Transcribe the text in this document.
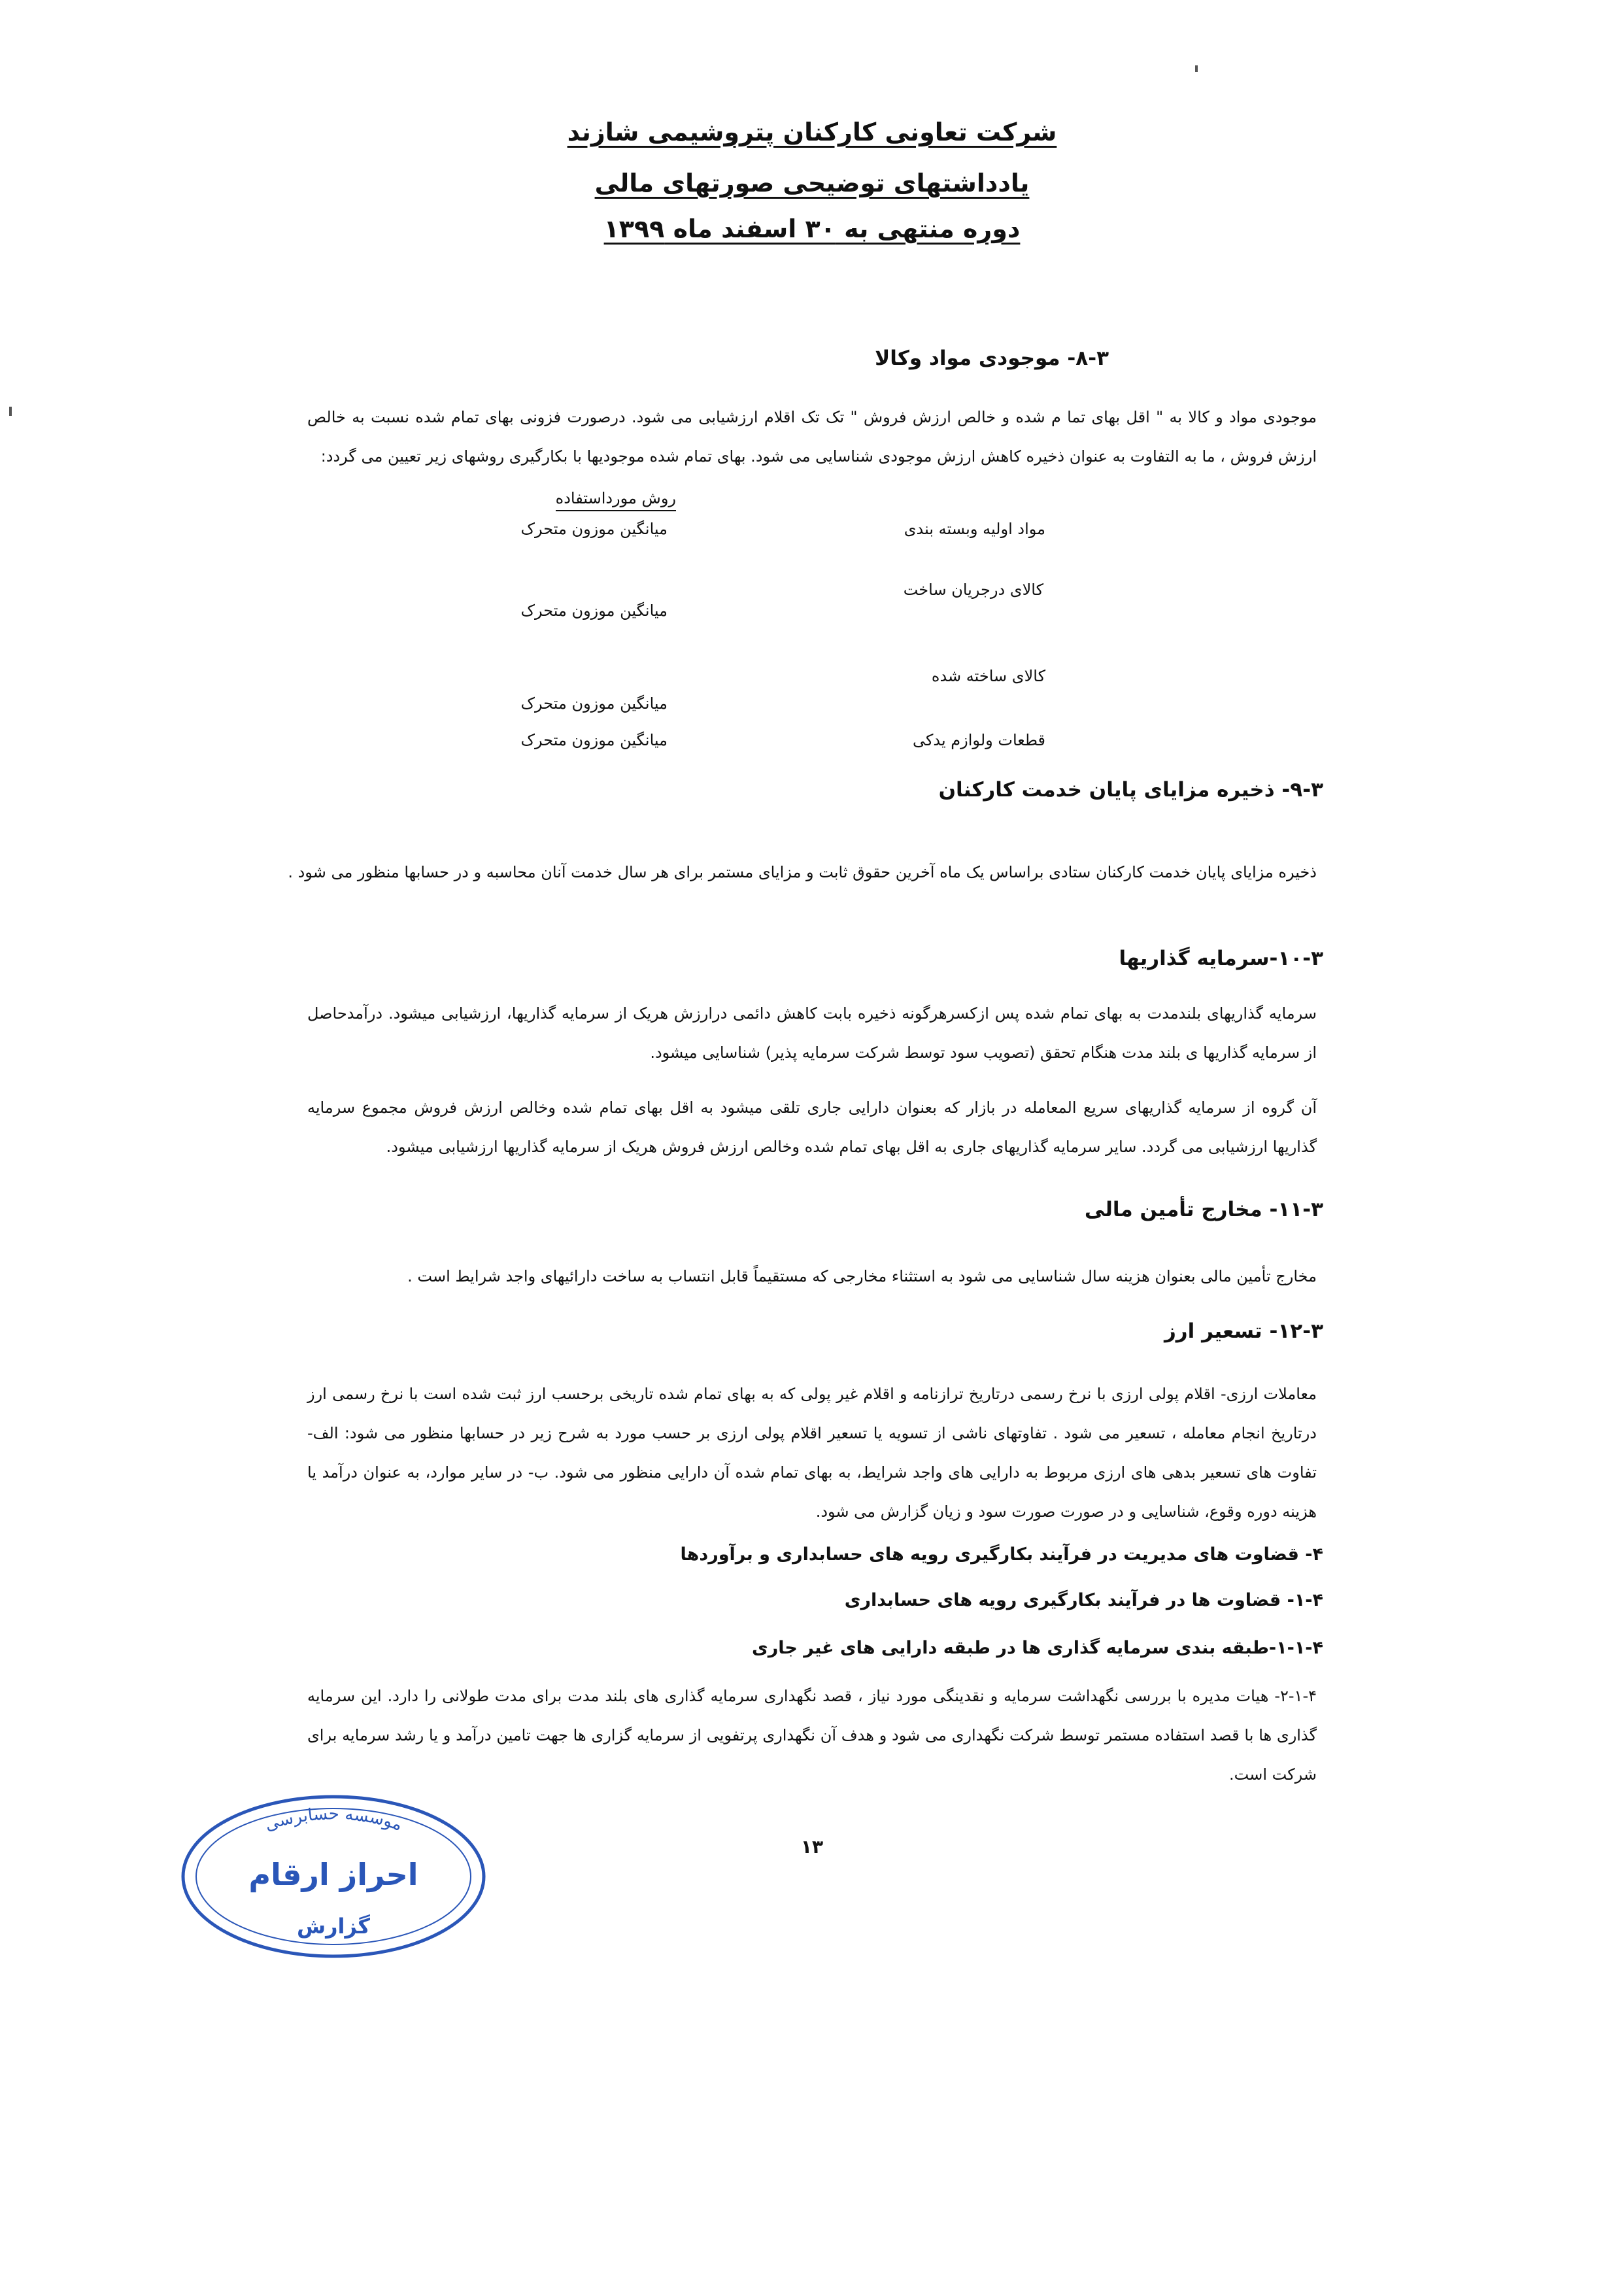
شرکت تعاونی کارکنان پتروشیمی شازند
یادداشتهای توضیحی صورتهای مالی
دوره منتهی به ۳۰ اسفند ماه ۱۳۹۹
۸-۳- موجودی مواد وکالا

موجودی مواد و کالا به " اقل بهای تما م شده و خالص ارزش فروش " تک تک اقلام ارزشیابی می شود. درصورت فزونی بهای تمام شده نسبت به خالص ارزش فروش ، ما به التفاوت به عنوان ذخیره کاهش ارزش موجودی شناسایی می شود. بهای تمام شده موجودیها با بکارگیری روشهای زیر تعیین می گردد:

روش مورداستفاده
مواد اولیه وبسته بندی
میانگین موزون متحرک
کالای درجریان ساخت
میانگین موزون متحرک
کالای ساخته شده
میانگین موزون متحرک
قطعات ولوازم یدکی
میانگین موزون متحرک
۹-۳- ذخیره مزایای پایان خدمت کارکنان
ذخیره مزایای پایان خدمت کارکنان ستادی براساس یک ماه آخرین حقوق ثابت و مزایای مستمر برای هر سال خدمت آنان محاسبه و در حسابها منظور می شود .
۱۰-۳-سرمایه گذاریها

سرمایه گذاریهای بلندمدت به بهای تمام شده پس ازکسرهرگونه ذخیره بابت کاهش دائمی درارزش هریک از سرمایه گذاریها، ارزشیابی میشود. درآمدحاصل از سرمایه گذاریها ی بلند مدت هنگام تحقق (تصویب سود توسط شرکت سرمایه پذیر) شناسایی میشود.

آن گروه از سرمایه گذاریهای سریع المعامله در بازار که بعنوان دارایی جاری تلقی میشود به اقل بهای تمام شده وخالص ارزش فروش مجموع سرمایه گذاریها ارزشیابی می گردد. سایر سرمایه گذاریهای جاری به اقل بهای تمام شده وخالص ارزش فروش هریک از سرمایه گذاریها ارزشیابی میشود.

۱۱-۳- مخارج تأمین مالی
مخارج تأمین مالی بعنوان هزینه سال شناسایی می شود به استثناء مخارجی که مستقیماً قابل انتساب به ساخت دارائیهای واجد شرایط است .
۱۲-۳- تسعیر ارز

معاملات ارزی- اقلام پولی ارزی با نرخ رسمی درتاریخ ترازنامه و اقلام غیر پولی که به بهای تمام شده تاریخی برحسب ارز ثبت شده است با نرخ رسمی ارز درتاریخ انجام معامله ، تسعیر می شود . تفاوتهای ناشی از تسویه یا تسعیر اقلام پولی ارزی بر حسب مورد به شرح زیر در حسابها منظور می شود: الف- تفاوت های تسعیر بدهی های ارزی مربوط به دارایی های واجد شرایط، به بهای تمام شده آن دارایی منظور می شود. ب- در سایر موارد، به عنوان درآمد یا هزینه دوره وقوع، شناسایی و در صورت صورت سود و زیان گزارش می شود.

۴- قضاوت های مدیریت در فرآیند بکارگیری رویه های حسابداری و برآوردها
۱-۴- قضاوت ها در فرآیند بکارگیری رویه های حسابداری
۱-۱-۴-طبقه بندی سرمایه گذاری ها در طبقه دارایی های غیر جاری

۲-۱-۴- هیات مدیره با بررسی نگهداشت سرمایه و نقدینگی مورد نیاز ، قصد نگهداری سرمایه گذاری های بلند مدت برای مدت طولانی را دارد. این سرمایه گذاری ها با قصد استفاده مستمر توسط شرکت نگهداری می شود و هدف آن نگهداری پرتفویی از سرمایه گزاری ها جهت تامین درآمد و یا رشد سرمایه برای شرکت است.

۱۳
موسسه حسابرسی
احراز ارقام
گزارش
